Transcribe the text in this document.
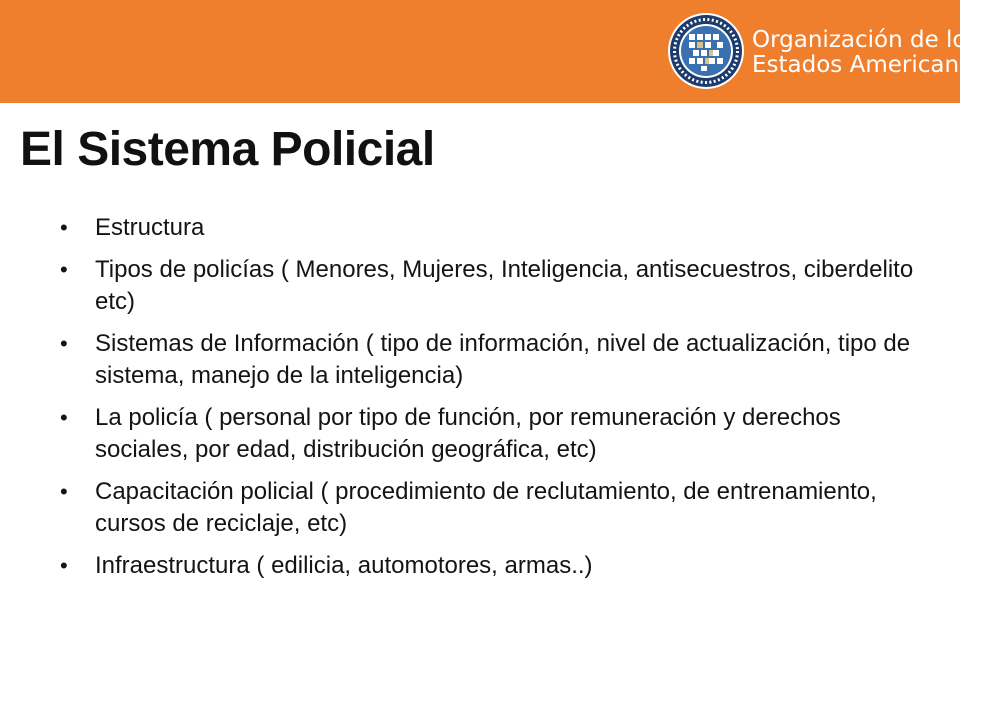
Organización de los
Estados Americanos
El Sistema Policial
• Estructura
• Tipos de policías ( Menores, Mujeres, Inteligencia, antisecuestros, ciberdelito etc)
• Sistemas de Información ( tipo de información, nivel de actualización, tipo de sistema, manejo de la inteligencia)
• La policía ( personal por tipo de función, por remuneración y derechos sociales, por edad, distribución geográfica, etc)
• Capacitación policial ( procedimiento de reclutamiento, de entrenamiento, cursos de reciclaje, etc)
• Infraestructura ( edilicia, automotores, armas..)
